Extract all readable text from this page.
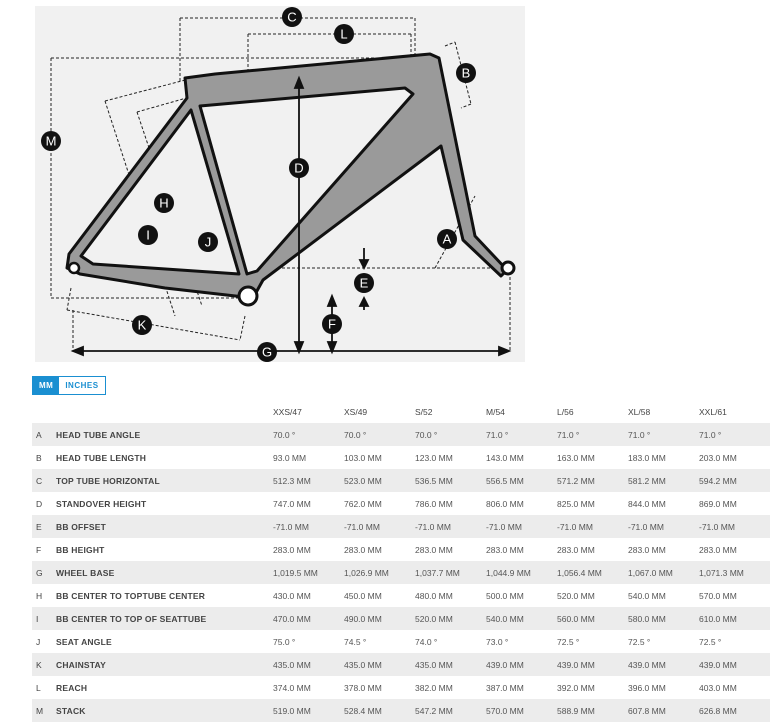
A
B
C
D
E
F
G
H
I	J
K
L
M
MM	INCHES
		XXS/47	XS/49	S/52	M/54	L/56	XL/58	XXL/61
A	HEAD TUBE ANGLE	70.0 °	70.0 °	70.0 °	71.0 °	71.0 °	71.0 °	71.0 °
B	HEAD TUBE LENGTH	93.0 MM	103.0 MM	123.0 MM	143.0 MM	163.0 MM	183.0 MM	203.0 MM
C	TOP TUBE HORIZONTAL	512.3 MM	523.0 MM	536.5 MM	556.5 MM	571.2 MM	581.2 MM	594.2 MM
D	STANDOVER HEIGHT	747.0 MM	762.0 MM	786.0 MM	806.0 MM	825.0 MM	844.0 MM	869.0 MM
E	BB OFFSET	-71.0 MM	-71.0 MM	-71.0 MM	-71.0 MM	-71.0 MM	-71.0 MM	-71.0 MM
F	BB HEIGHT	283.0 MM	283.0 MM	283.0 MM	283.0 MM	283.0 MM	283.0 MM	283.0 MM
G	WHEEL BASE	1,019.5 MM	1,026.9 MM	1,037.7 MM	1,044.9 MM	1,056.4 MM	1,067.0 MM	1,071.3 MM
H	BB CENTER TO TOPTUBE CENTER	430.0 MM	450.0 MM	480.0 MM	500.0 MM	520.0 MM	540.0 MM	570.0 MM
I	BB CENTER TO TOP OF SEATTUBE	470.0 MM	490.0 MM	520.0 MM	540.0 MM	560.0 MM	580.0 MM	610.0 MM
J	SEAT ANGLE	75.0 °	74.5 °	74.0 °	73.0 °	72.5 °	72.5 °	72.5 °
K	CHAINSTAY	435.0 MM	435.0 MM	435.0 MM	439.0 MM	439.0 MM	439.0 MM	439.0 MM
L	REACH	374.0 MM	378.0 MM	382.0 MM	387.0 MM	392.0 MM	396.0 MM	403.0 MM
M	STACK	519.0 MM	528.4 MM	547.2 MM	570.0 MM	588.9 MM	607.8 MM	626.8 MM
